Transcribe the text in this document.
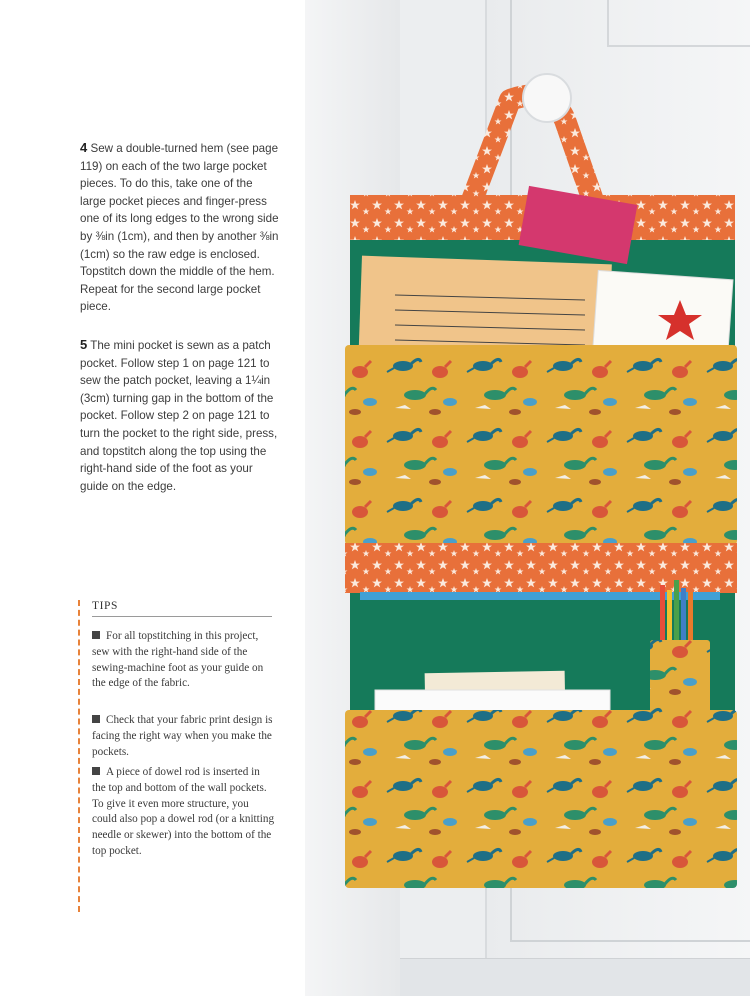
4 Sew a double-turned hem (see page 119) on each of the two large pocket pieces. To do this, take one of the large pocket pieces and finger-press one of its long edges to the wrong side by ⅜in (1cm), and then by another ⅜in (1cm) so the raw edge is enclosed. Topstitch down the middle of the hem. Repeat for the second large pocket piece.
5 The mini pocket is sewn as a patch pocket. Follow step 1 on page 121 to sew the patch pocket, leaving a 1¼in (3cm) turning gap in the bottom of the pocket. Follow step 2 on page 121 to turn the pocket to the right side, press, and topstitch along the top using the right-hand side of the foot as your guide on the edge.
TIPS
For all topstitching in this project, sew with the right-hand side of the sewing-machine foot as your guide on the edge of the fabric.
Check that your fabric print design is facing the right way when you make the pockets.
A piece of dowel rod is inserted in the top and bottom of the wall pockets. To give it even more structure, you could also pop a dowel rod (or a knitting needle or skewer) into the bottom of the top pocket.
